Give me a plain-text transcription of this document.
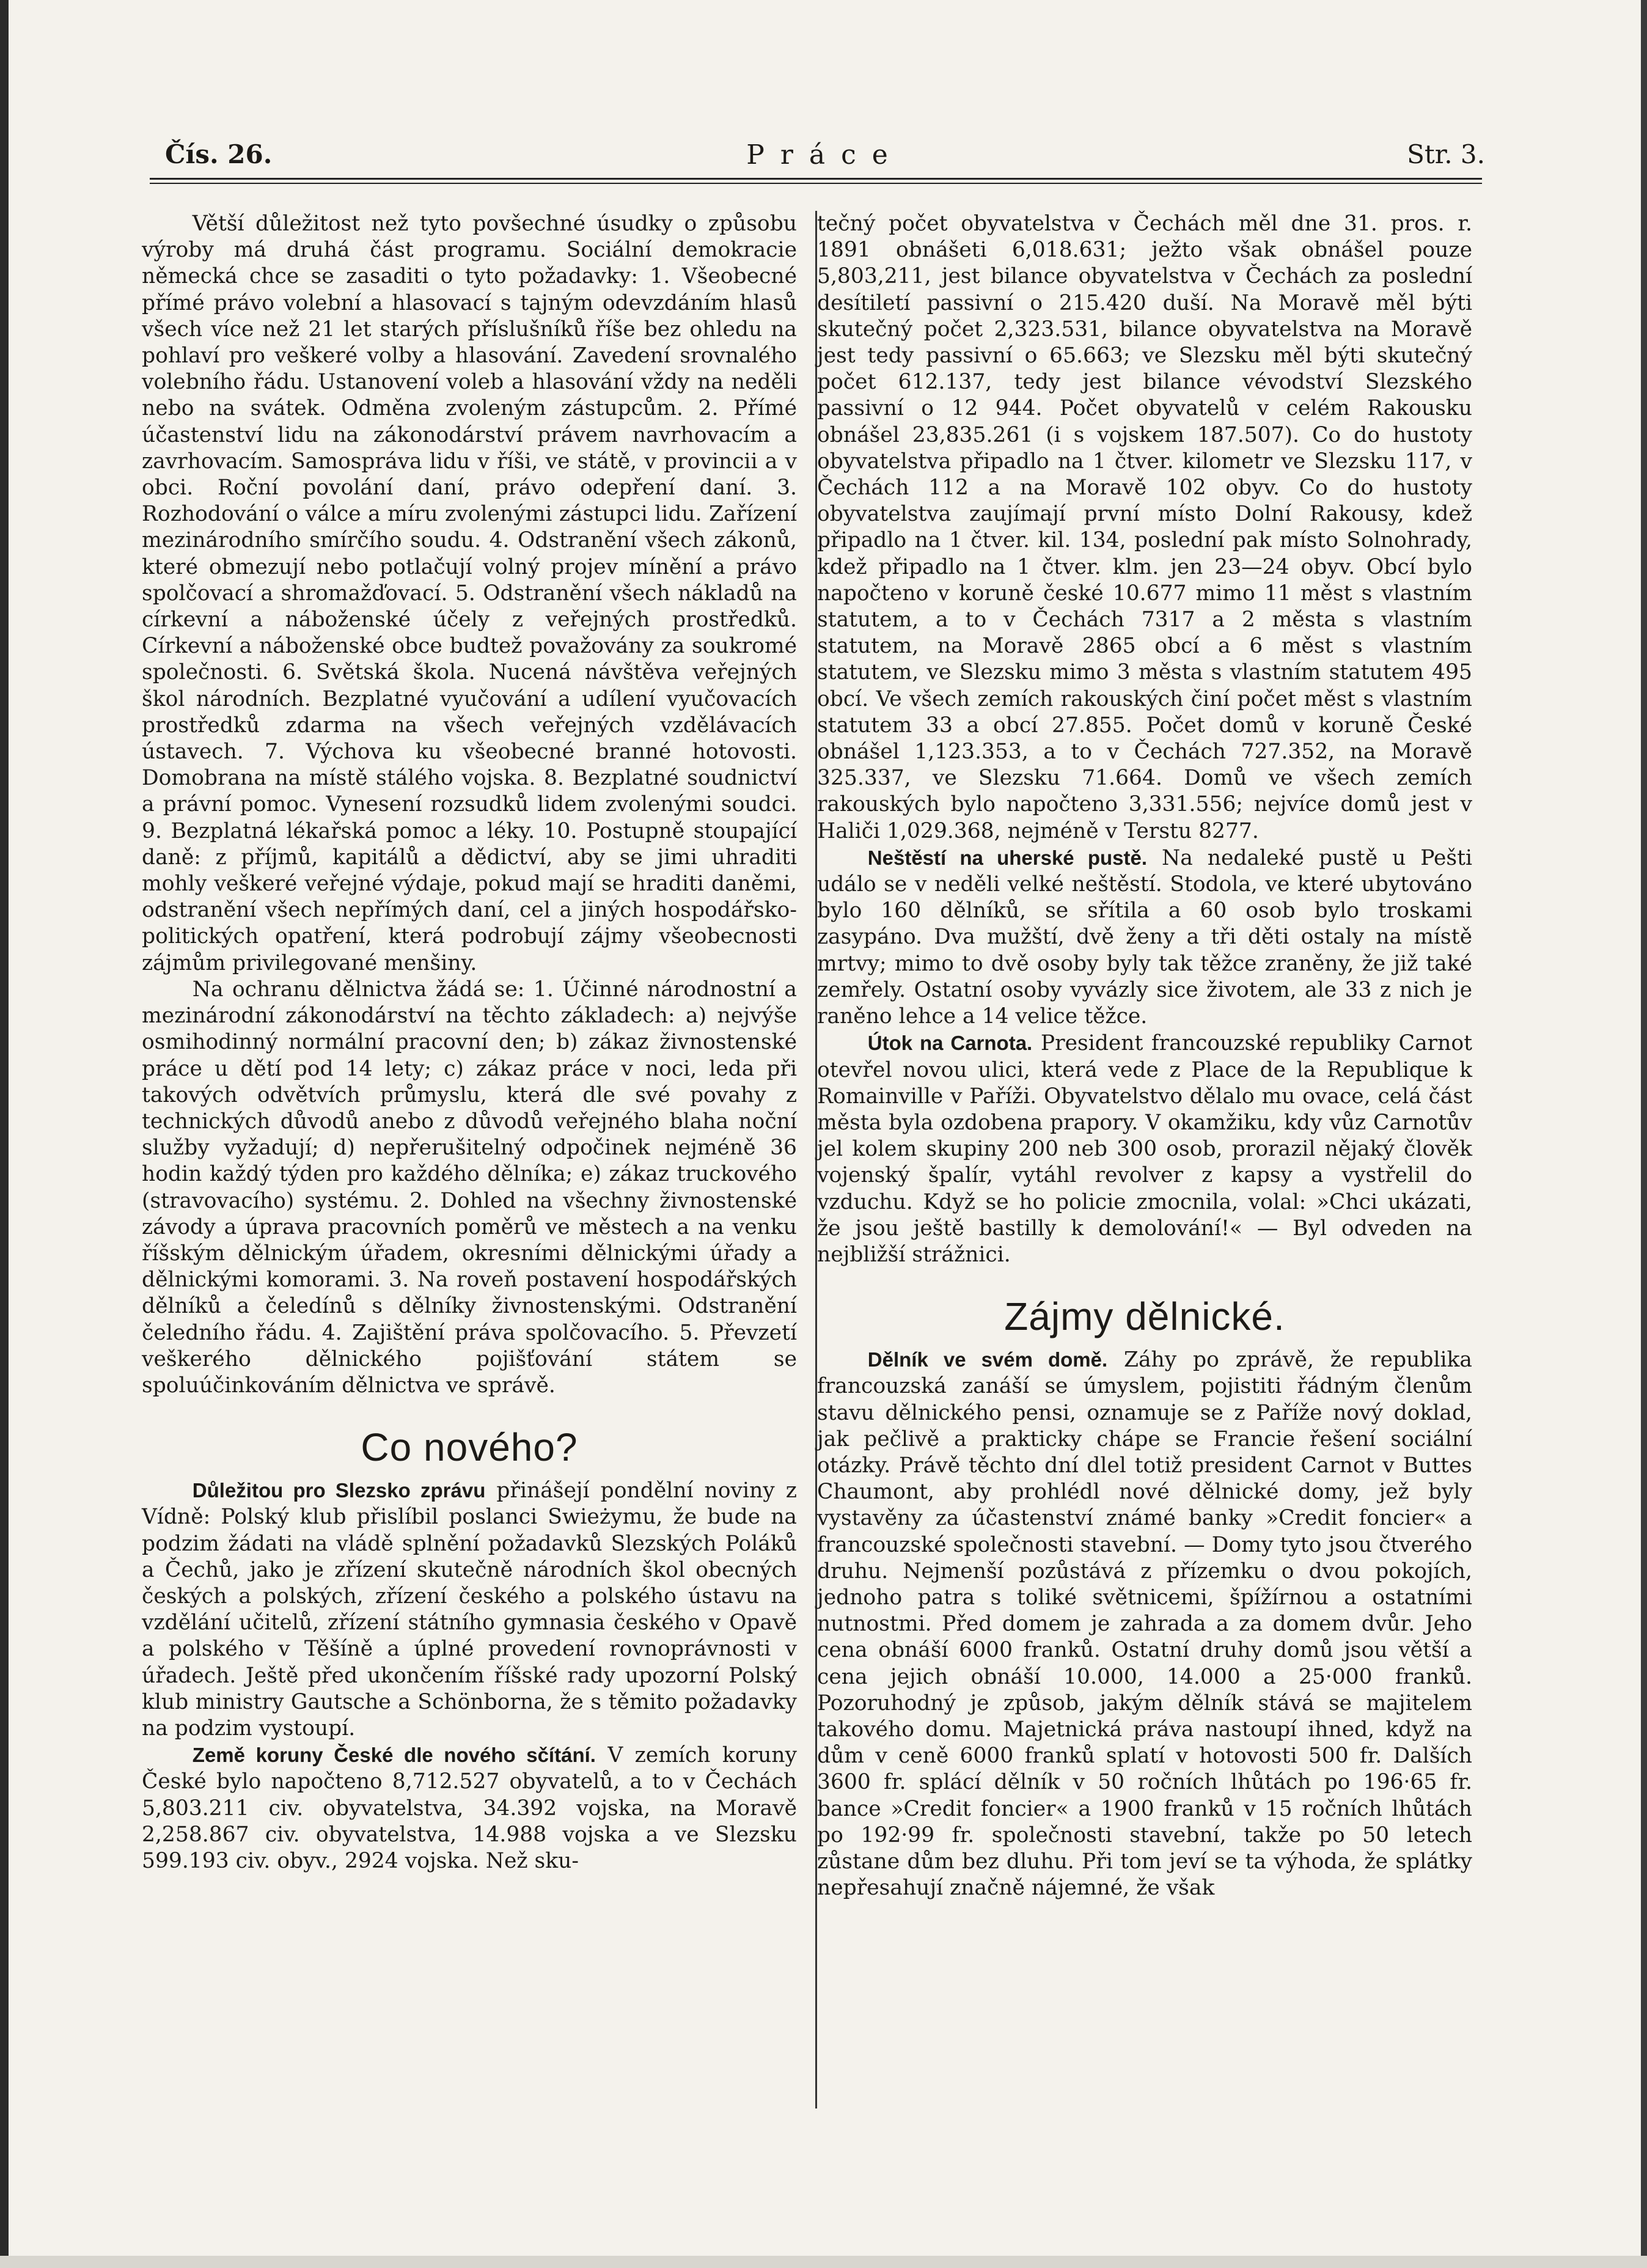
Čís. 26.	Práce	Str. 3.

Větší důležitost než tyto povšechné úsudky o způsobu výroby má druhá část programu. Sociální demokracie německá chce se zasaditi o tyto požadavky: 1. Všeobecné přímé právo volební a hlasovací s tajným odevzdáním hlasů všech více než 21 let starých příslušníků říše bez ohledu na pohlaví pro veškeré volby a hlasování. Zavedení srovnalého volebního řádu. Ustanovení voleb a hlasování vždy na neděli nebo na svátek. Odměna zvoleným zástupcům. 2. Přímé účastenství lidu na zákonodárství právem navrhovacím a zavrhovacím. Samospráva lidu v říši, ve státě, v provincii a v obci. Roční povolání daní, právo odepření daní. 3. Rozhodování o válce a míru zvolenými zástupci lidu. Zařízení mezinárodního smírčího soudu. 4. Odstranění všech zákonů, které obmezují nebo potlačují volný projev mínění a právo spolčovací a shromažďovací. 5. Odstranění všech nákladů na církevní a náboženské účely z veřejných prostředků. Církevní a náboženské obce budtež považovány za soukromé společnosti. 6. Světská škola. Nucená návštěva veřejných škol národních. Bezplatné vyučování a udílení vyučovacích prostředků zdarma na všech veřejných vzdělávacích ústavech. 7. Výchova ku všeobecné branné hotovosti. Domobrana na místě stálého vojska. 8. Bezplatné soudnictví a právní pomoc. Vynesení rozsudků lidem zvolenými soudci. 9. Bezplatná lékařská pomoc a léky. 10. Postupně stoupající daně: z příjmů, kapitálů a dědictví, aby se jimi uhraditi mohly veškeré veřejné výdaje, pokud mají se hraditi daněmi, odstranění všech nepřímých daní, cel a jiných hospodářsko-politických opatření, která podrobují zájmy všeobecnosti zájmům privilegované menšiny.

Na ochranu dělnictva žádá se: 1. Účinné národnostní a mezinárodní zákonodárství na těchto základech: a) nejvýše osmihodinný normální pracovní den; b) zákaz živnostenské práce u dětí pod 14 lety; c) zákaz práce v noci, leda při takových odvětvích průmyslu, která dle své povahy z technických důvodů anebo z důvodů veřejného blaha noční služby vyžadují; d) nepřerušitelný odpočinek nejméně 36 hodin každý týden pro každého dělníka; e) zákaz truckového (stravovacího) systému. 2. Dohled na všechny živnostenské závody a úprava pracovních poměrů ve městech a na venku říšským dělnickým úřadem, okresními dělnickými úřady a dělnickými komorami. 3. Na roveň postavení hospodářských dělníků a čeledínů s dělníky živnostenskými. Odstranění čeledního řádu. 4. Zajištění práva spolčovacího. 5. Převzetí veškerého dělnického pojišťování státem se spoluúčinkováním dělnictva ve správě.

Co nového?

Důležitou pro Slezsko zprávu přinášejí pondělní noviny z Vídně: Polský klub přislíbil poslanci Swieżymu, že bude na podzim žádati na vládě splnění požadavků Slezských Poláků a Čechů, jako je zřízení skutečně národních škol obecných českých a polských, zřízení českého a polského ústavu na vzdělání učitelů, zřízení státního gymnasia českého v Opavě a polského v Těšíně a úplné provedení rovnoprávnosti v úřadech. Ještě před ukončením říšské rady upozorní Polský klub ministry Gautsche a Schönborna, že s těmito požadavky na podzim vystoupí.

Země koruny České dle nového sčítání. V zemích koruny České bylo napočteno 8,712.527 obyvatelů, a to v Čechách 5,803.211 civ. obyvatelstva, 34.392 vojska, na Moravě 2,258.867 civ. obyvatelstva, 14.988 vojska a ve Slezsku 599.193 civ. obyv., 2924 vojska. Než sku-

tečný počet obyvatelstva v Čechách měl dne 31. pros. r. 1891 obnášeti 6,018.631; ježto však obnášel pouze 5,803,211, jest bilance obyvatelstva v Čechách za poslední desítiletí passivní o 215.420 duší. Na Moravě měl býti skutečný počet 2,323.531, bilance obyvatelstva na Moravě jest tedy passivní o 65.663; ve Slezsku měl býti skutečný počet 612.137, tedy jest bilance vévodství Slezského passivní o 12 944. Počet obyvatelů v celém Rakousku obnášel 23,835.261 (i s vojskem 187.507). Co do hustoty obyvatelstva připadlo na 1 čtver. kilometr ve Slezsku 117, v Čechách 112 a na Moravě 102 obyv. Co do hustoty obyvatelstva zaujímají první místo Dolní Rakousy, kdež připadlo na 1 čtver. kil. 134, poslední pak místo Solnohrady, kdež připadlo na 1 čtver. klm. jen 23—24 obyv. Obcí bylo napočteno v koruně české 10.677 mimo 11 měst s vlastním statutem, a to v Čechách 7317 a 2 města s vlastním statutem, na Moravě 2865 obcí a 6 měst s vlastním statutem, ve Slezsku mimo 3 města s vlastním statutem 495 obcí. Ve všech zemích rakouských činí počet měst s vlastním statutem 33 a obcí 27.855. Počet domů v koruně České obnášel 1,123.353, a to v Čechách 727.352, na Moravě 325.337, ve Slezsku 71.664. Domů ve všech zemích rakouských bylo napočteno 3,331.556; nejvíce domů jest v Haliči 1,029.368, nejméně v Terstu 8277.

Neštěstí na uherské pustě. Na nedaleké pustě u Pešti událo se v neděli velké neštěstí. Stodola, ve které ubytováno bylo 160 dělníků, se sřítila a 60 osob bylo troskami zasypáno. Dva mužští, dvě ženy a tři děti ostaly na místě mrtvy; mimo to dvě osoby byly tak těžce zraněny, že již také zemřely. Ostatní osoby vyvázly sice životem, ale 33 z nich je raněno lehce a 14 velice těžce.

Útok na Carnota. President francouzské republiky Carnot otevřel novou ulici, která vede z Place de la Republique k Romainville v Paříži. Obyvatelstvo dělalo mu ovace, celá část města byla ozdobena prapory. V okamžiku, kdy vůz Carnotův jel kolem skupiny 200 neb 300 osob, prorazil nějaký člověk vojenský špalír, vytáhl revolver z kapsy a vystřelil do vzduchu. Když se ho policie zmocnila, volal: »Chci ukázati, že jsou ještě bastilly k demolování!« — Byl odveden na nejbližší strážnici.

Zájmy dělnické.

Dělník ve svém domě. Záhy po zprávě, že republika francouzská zanáší se úmyslem, pojistiti řádným členům stavu dělnického pensi, oznamuje se z Paříže nový doklad, jak pečlivě a prakticky chápe se Francie řešení sociální otázky. Právě těchto dní dlel totiž president Carnot v Buttes Chaumont, aby prohlédl nové dělnické domy, jež byly vystavěny za účastenství známé banky »Credit foncier« a francouzské společnosti stavební. — Domy tyto jsou čtverého druhu. Nejmenší pozůstává z přízemku o dvou pokojích, jednoho patra s toliké světnicemi, špížírnou a ostatními nutnostmi. Před domem je zahrada a za domem dvůr. Jeho cena obnáší 6000 franků. Ostatní druhy domů jsou větší a cena jejich obnáší 10.000, 14.000 a 25·000 franků. Pozoruhodný je způsob, jakým dělník stává se majitelem takového domu. Majetnická práva nastoupí ihned, když na dům v ceně 6000 franků splatí v hotovosti 500 fr. Dalších 3600 fr. splácí dělník v 50 ročních lhůtách po 196·65 fr. bance »Credit foncier« a 1900 franků v 15 ročních lhůtách po 192·99 fr. společnosti stavební, takže po 50 letech zůstane dům bez dluhu. Při tom jeví se ta výhoda, že splátky nepřesahují značně nájemné, že však
